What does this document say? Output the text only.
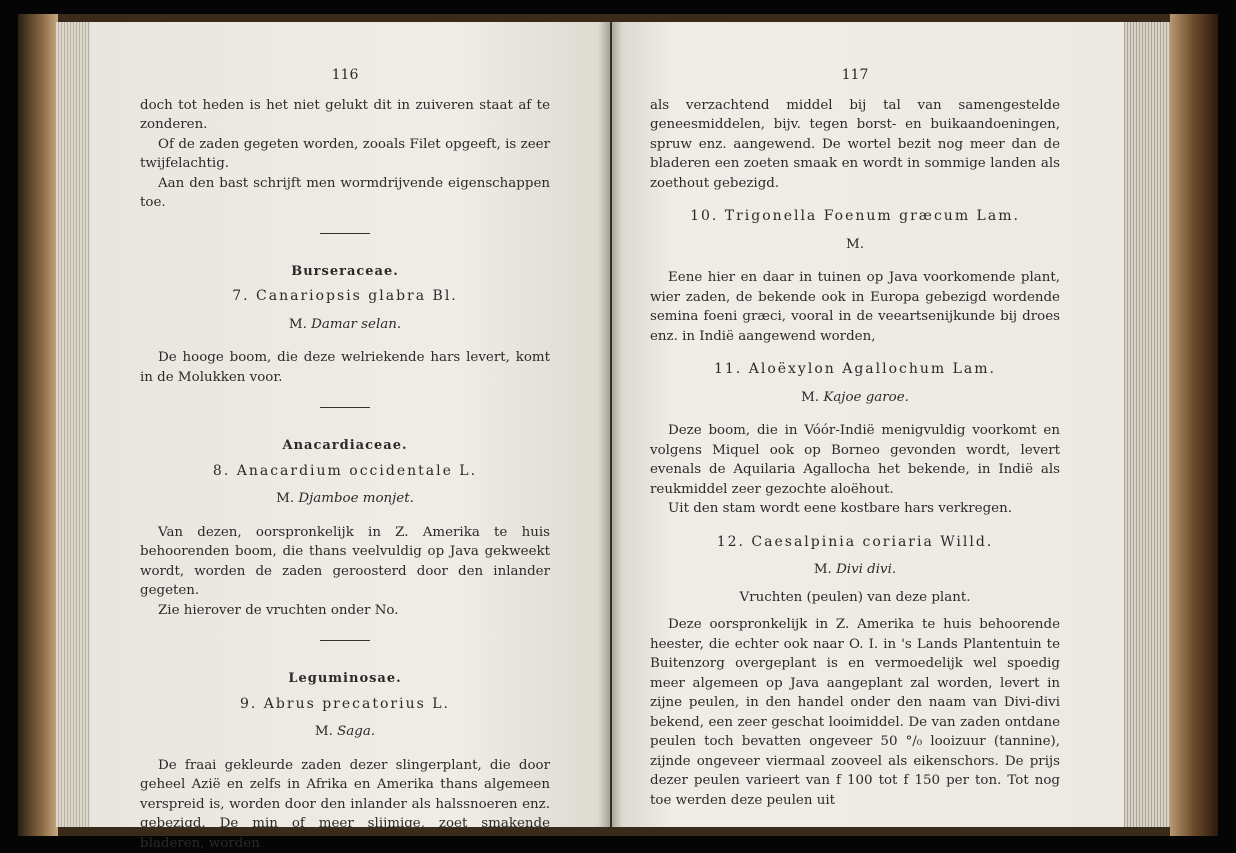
116

doch tot heden is het niet gelukt dit in zuiveren staat af te zonderen.

Of de zaden gegeten worden, zooals Filet opgeeft, is zeer twijfelachtig.

Aan den bast schrijft men wormdrijvende eigenschappen toe.

Burseraceae.
7. Canariopsis glabra Bl.
M. Damar selan.

De hooge boom, die deze welriekende hars levert, komt in de Molukken voor.

Anacardiaceae.
8. Anacardium occidentale L.
M. Djamboe monjet.

Van dezen, oorspronkelijk in Z. Amerika te huis behoorenden boom, die thans veelvuldig op Java gekweekt wordt, worden de zaden geroosterd door den inlander gegeten.

Zie hierover de vruchten onder No.

Leguminosae.
9. Abrus precatorius L.
M. Saga.

De fraai gekleurde zaden dezer slingerplant, die door geheel Azië en zelfs in Afrika en Amerika thans algemeen verspreid is, worden door den inlander als halssnoeren enz. gebezigd. De min of meer slijmige, zoet smakende bladeren, worden

117

als verzachtend middel bij tal van samengestelde geneesmiddelen, bijv. tegen borst- en buikaandoeningen, spruw enz. aangewend. De wortel bezit nog meer dan de bladeren een zoeten smaak en wordt in sommige landen als zoethout gebezigd.

10. Trigonella Foenum græcum Lam.
M.

Eene hier en daar in tuinen op Java voorkomende plant, wier zaden, de bekende ook in Europa gebezigd wordende semina foeni græci, vooral in de veeartsenijkunde bij droes enz. in Indië aangewend worden,

11. Aloëxylon Agallochum Lam.
M. Kajoe garoe.

Deze boom, die in Vóór-Indië menigvuldig voorkomt en volgens Miquel ook op Borneo gevonden wordt, levert evenals de Aquilaria Agallocha het bekende, in Indië als reukmiddel zeer gezochte aloëhout.

Uit den stam wordt eene kostbare hars verkregen.

12. Caesalpinia coriaria Willd.
M. Divi divi.
Vruchten (peulen) van deze plant.

Deze oorspronkelijk in Z. Amerika te huis behoorende heester, die echter ook naar O. I. in 's Lands Plantentuin te Buitenzorg overgeplant is en vermoedelijk wel spoedig meer algemeen op Java aangeplant zal worden, levert in zijne peulen, in den handel onder den naam van Divi-divi bekend, een zeer geschat looimiddel. De van zaden ontdane peulen toch bevatten ongeveer 50 °/₀ looizuur (tannine), zijnde ongeveer viermaal zooveel als eikenschors. De prijs dezer peulen varieert van f 100 tot f 150 per ton. Tot nog toe werden deze peulen uit
